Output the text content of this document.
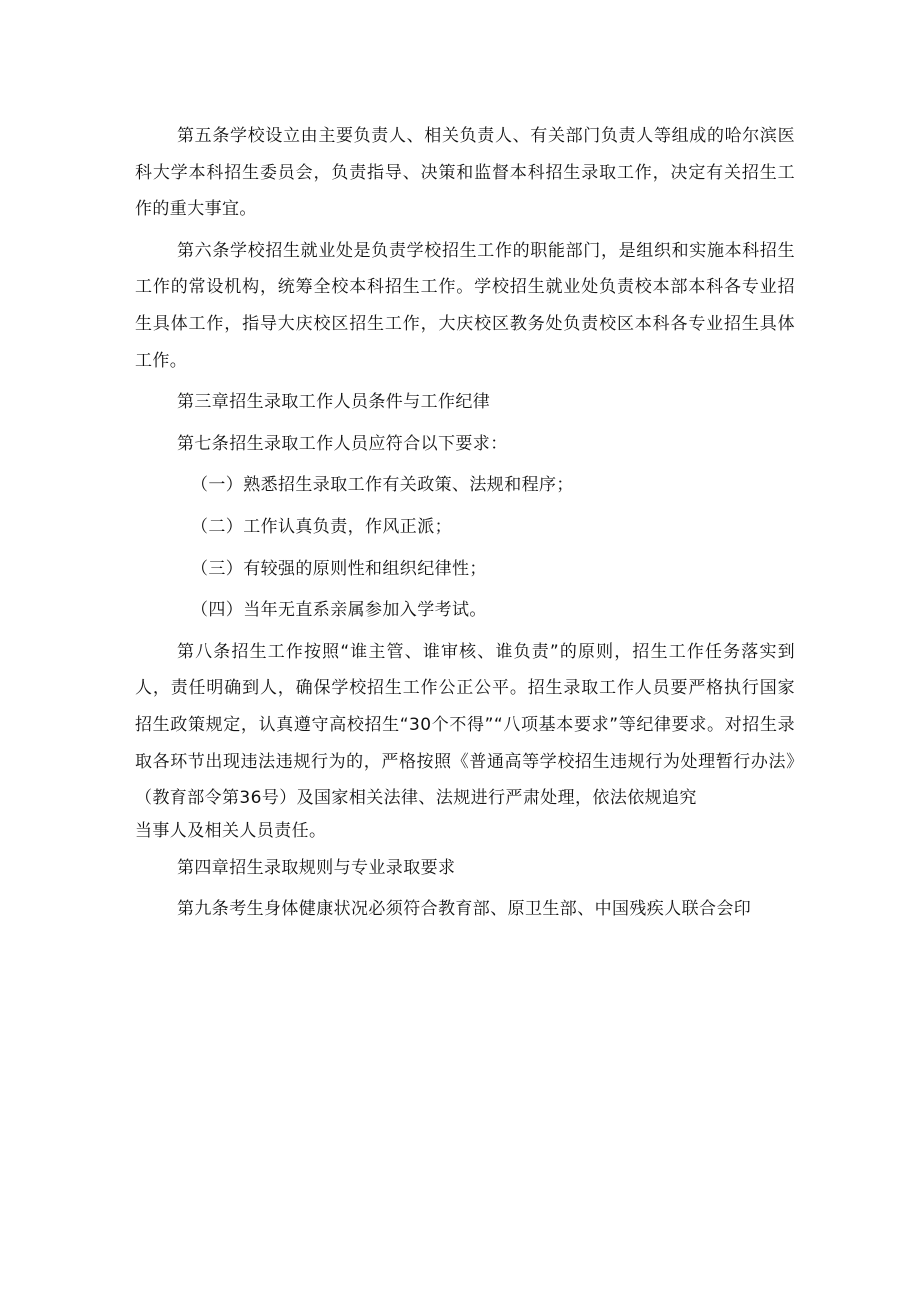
第五条学校设立由主要负责人、相关负责人、有关部门负责人等组成的哈尔滨医科大学本科招生委员会，负责指导、决策和监督本科招生录取工作，决定有关招生工作的重大事宜。

第六条学校招生就业处是负责学校招生工作的职能部门，是组织和实施本科招生工作的常设机构，统筹全校本科招生工作。学校招生就业处负责校本部本科各专业招生具体工作，指导大庆校区招生工作，大庆校区教务处负责校区本科各专业招生具体工作。

第三章招生录取工作人员条件与工作纪律

第七条招生录取工作人员应符合以下要求：

（一）熟悉招生录取工作有关政策、法规和程序；

（二）工作认真负责，作风正派；

（三）有较强的原则性和组织纪律性；

（四）当年无直系亲属参加入学考试。

第八条招生工作按照“谁主管、谁审核、谁负责”的原则，招生工作任务落实到人，责任明确到人，确保学校招生工作公正公平。招生录取工作人员要严格执行国家招生政策规定，认真遵守高校招生“30个不得”“八项基本要求”等纪律要求。对招生录取各环节出现违法违规行为的，严格按照《普通高等学校招生违规行为处理暂行办法》（教育部令第36号）及国家相关法律、法规进行严肃处理，依法依规追究

当事人及相关人员责任。

第四章招生录取规则与专业录取要求

第九条考生身体健康状况必须符合教育部、原卫生部、中国残疾人联合会印
